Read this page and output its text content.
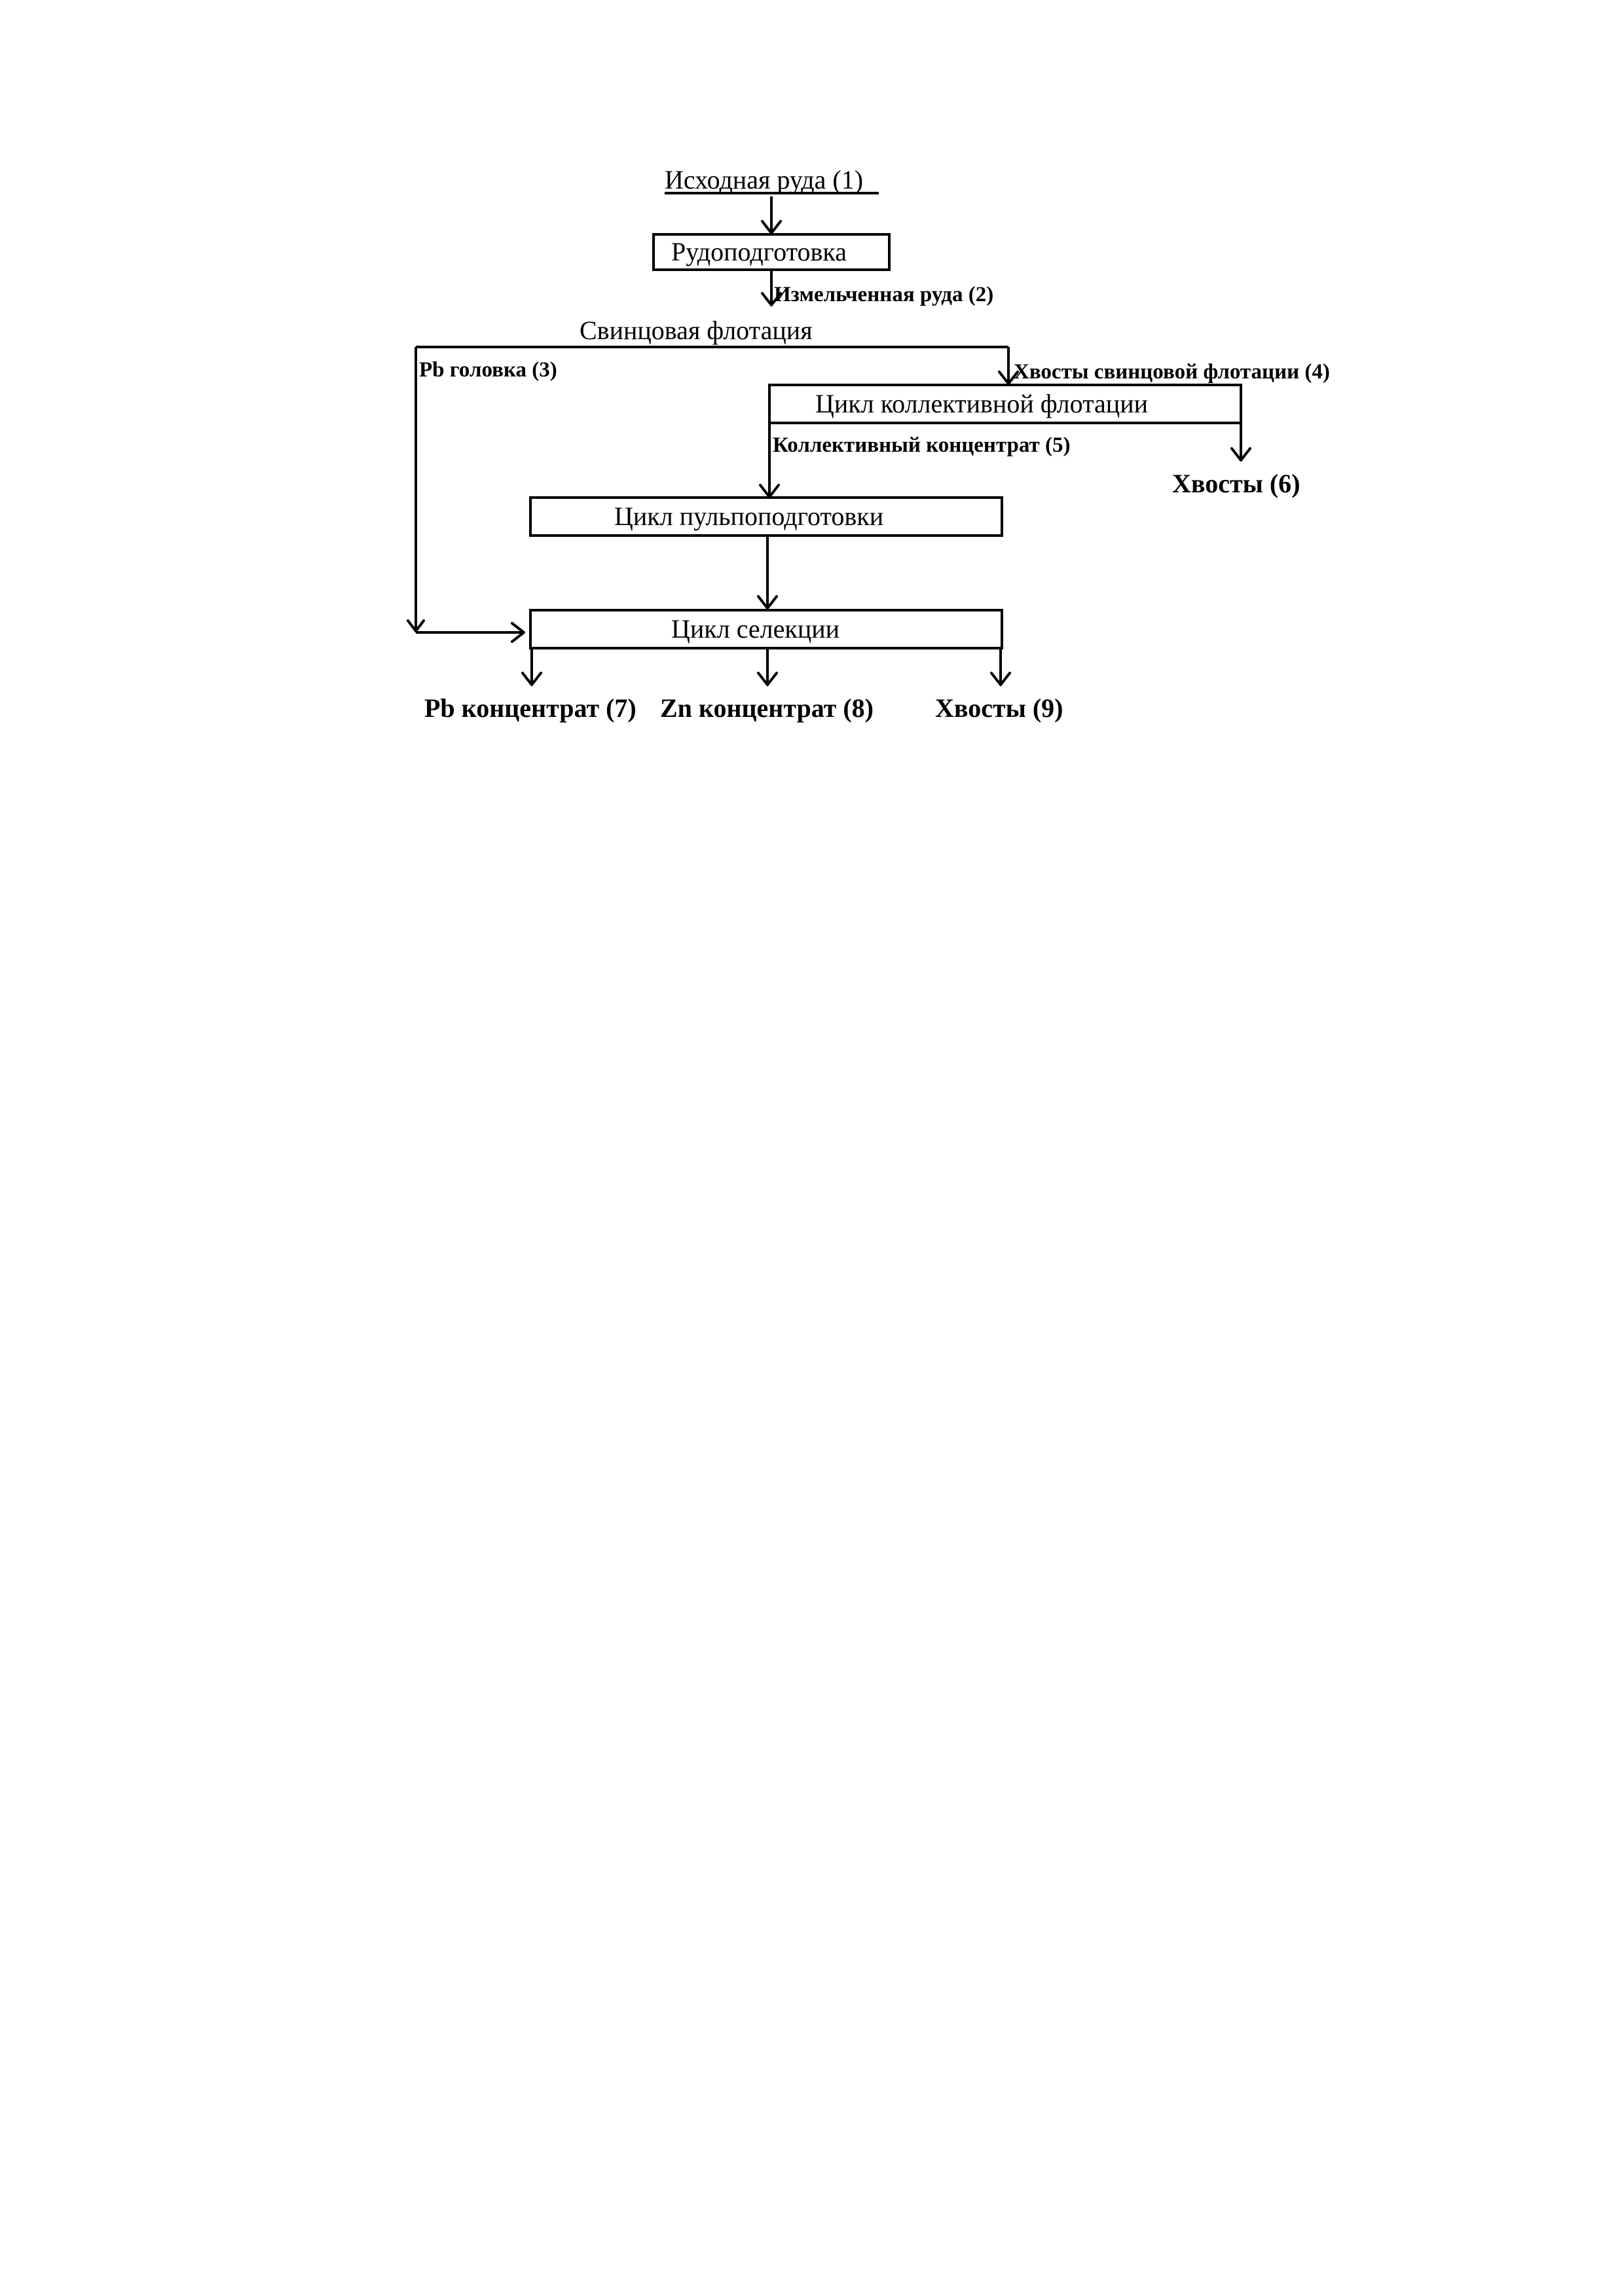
Исходная руда (1)
Рудоподготовка
Измельченная руда (2)
Свинцовая флотация
Pb головка (3)	Хвосты свинцовой флотации (4)
Цикл коллективной флотации
Хвосты (6)
Коллективный концентрат (5)
Цикл пульпоподготовки
Цикл селекции
Pb концентрат (7) Zn концентрат (8) Хвосты (9)
